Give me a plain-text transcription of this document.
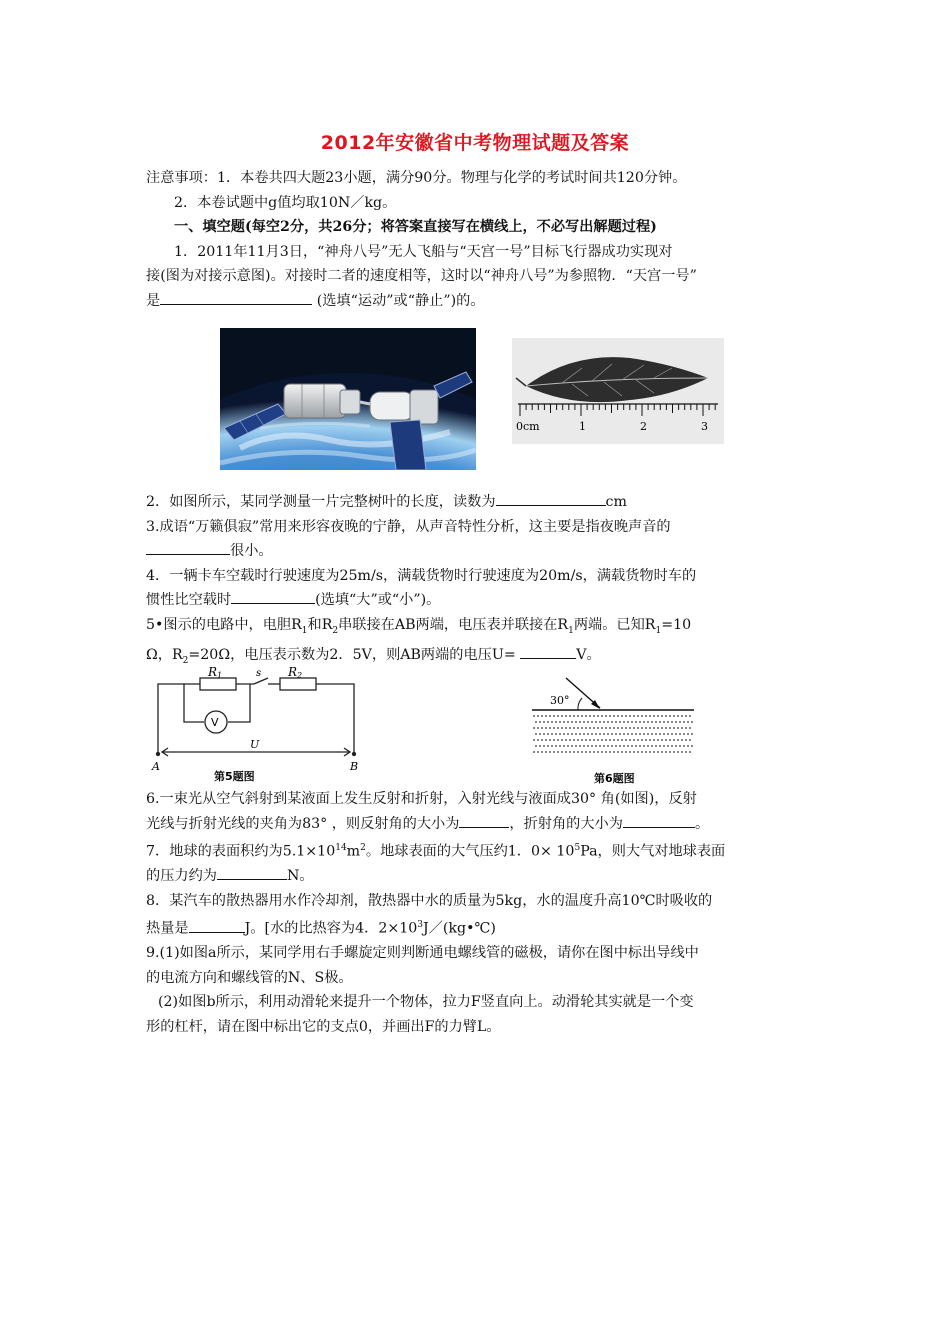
2012年安徽省中考物理试题及答案

注意事项：1．本卷共四大题23小题，满分90分。物理与化学的考试时间共120分钟。

2．本卷试题中g值均取10N／kg。

一、填空题(每空2分，共26分；将答案直接写在横线上，不必写出解题过程)

1．2011年11月3日，“神舟八号”无人飞船与“天宫一号”目标飞行器成功实现对

接(图为对接示意图)。对接时二者的速度相等，这时以“神舟八号”为参照物．“天宫一号”

是	(选填“运动”或“静止”)的。

0cm	1	2	3

2．如图所示，某同学测量一片完整树叶的长度，读数为	cm

3.成语“万籁俱寂”常用来形容夜晚的宁静，从声音特性分析，这主要是指夜晚声音的

很小。

4．一辆卡车空载时行驶速度为25m/s，满载货物时行驶速度为20m/s，满载货物时车的

惯性比空载时	(选填“大”或“小”)。

5•图示的电路中，电胆$R_1$和$R_2$串联接在AB两端，电压表并联接在$R_1$两端。已知$R_1=10$

Ω，$R_2=20\Omega$，电压表示数为2．5V，则AB两端的电压U=	V。

R1	R2
s
V
U
A	B
第5题图
30°
第6题图

6.一束光从空气斜射到某液面上发生反射和折射，入射光线与液面成30° 角(如图)，反射

光线与折射光线的夹角为83° ，则反射角的大小为	，折射角的大小为	。

7．地球的表面积约为$5.1\times 10^{14}m^2$。地球表面的大气压约1．$0\times 10^5Pa$，则大气对地球表面

的压力约为	N。

8．某汽车的散热器用水作冷却剂，散热器中水的质量为5kg，水的温度升高10℃时吸收的

热量是	J。[水的比热容为4．$2\times 10^3J/(kg•℃)$

9.(1)如图a所示，某同学用右手螺旋定则判断通电螺线管的磁极，请你在图中标出导线中

的电流方向和螺线管的N、S极。

(2)如图b所示，利用动滑轮来提升一个物体，拉力F竖直向上。动滑轮其实就是一个变

形的杠杆，请在图中标出它的支点0，并画出F的力臂L。
